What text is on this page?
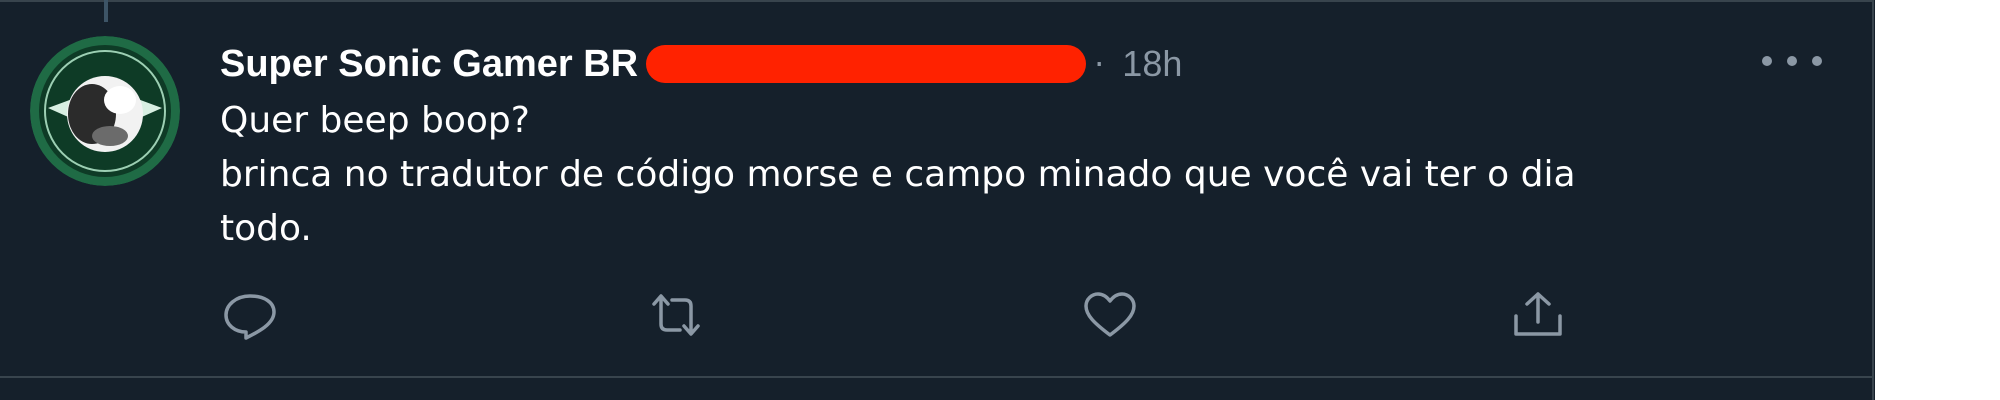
Super Sonic Gamer BR	· 18h
Quer beep boop?
brinca no tradutor de código morse e campo minado que você vai ter o dia
todo.
